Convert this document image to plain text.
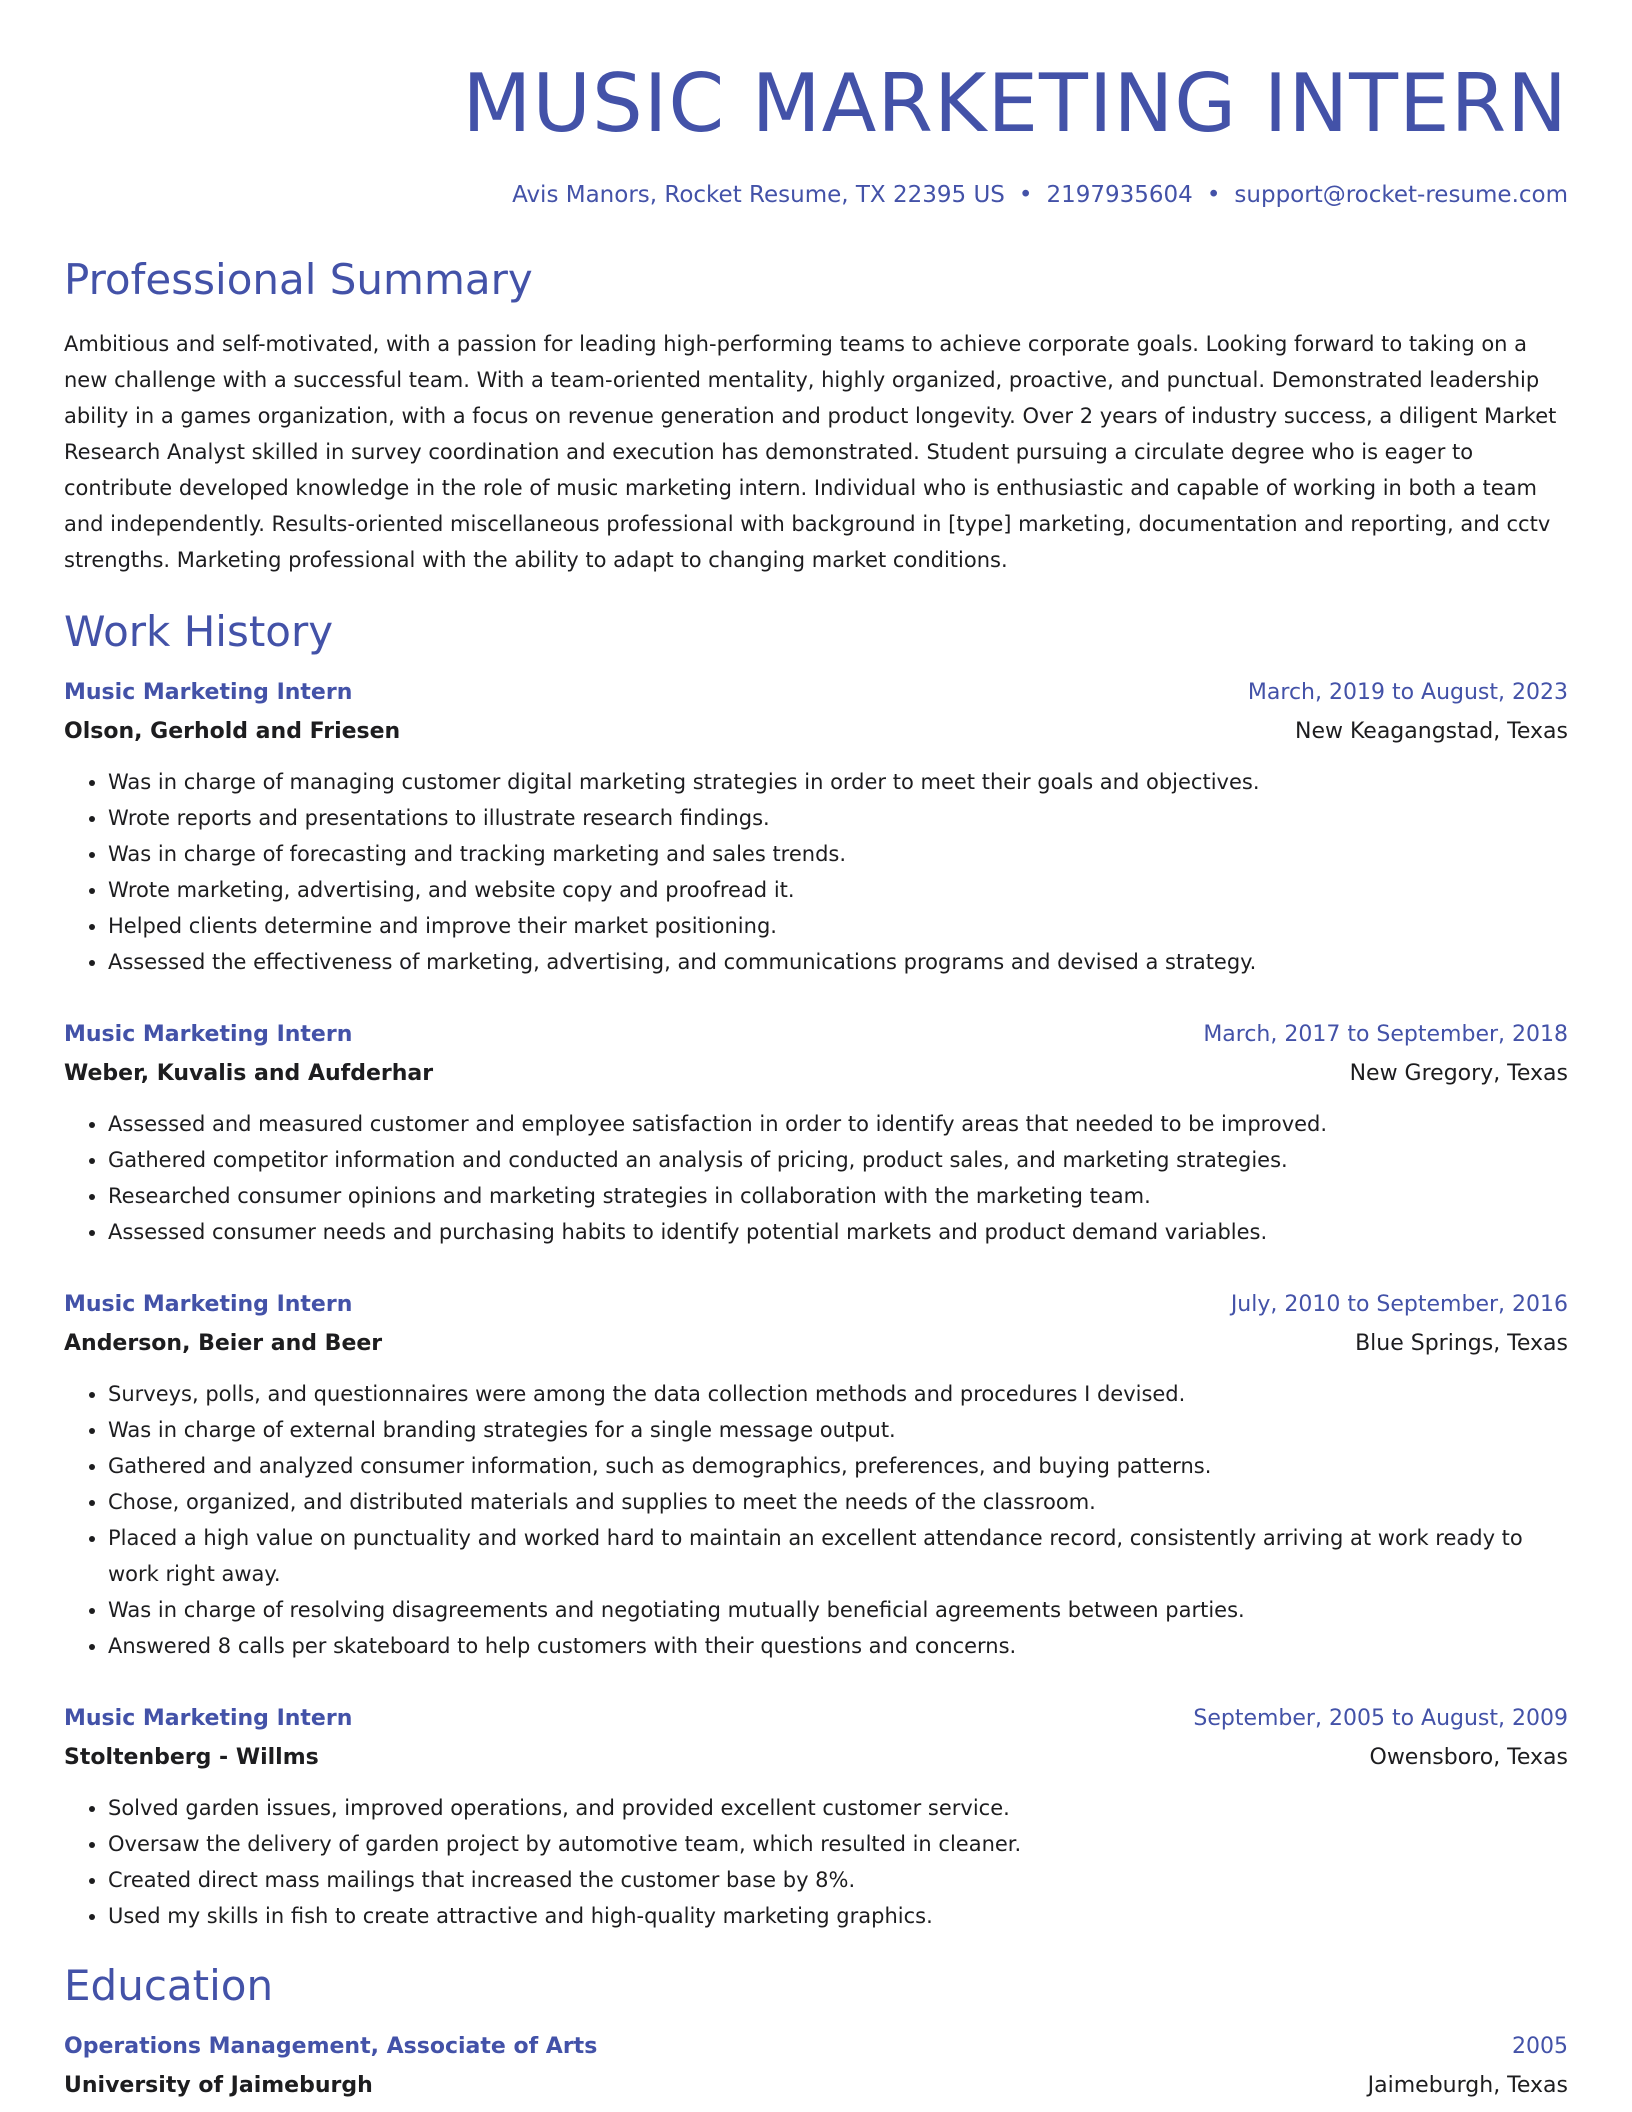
MUSIC MARKETING INTERN
Avis Manors, Rocket Resume, TX 22395 US • 2197935604 • support@rocket-resume.com
Professional Summary

Ambitious and self-motivated, with a passion for leading high-performing teams to achieve corporate goals. Looking forward to taking on a new challenge with a successful team. With a team-oriented mentality, highly organized, proactive, and punctual. Demonstrated leadership ability in a games organization, with a focus on revenue generation and product longevity. Over 2 years of industry success, a diligent Market Research Analyst skilled in survey coordination and execution has demonstrated. Student pursuing a circulate degree who is eager to contribute developed knowledge in the role of music marketing intern. Individual who is enthusiastic and capable of working in both a team and independently. Results-oriented miscellaneous professional with background in [type] marketing, documentation and reporting, and cctv strengths. Marketing professional with the ability to adapt to changing market conditions.

Work History
Music Marketing Intern	March, 2019 to August, 2023
Olson, Gerhold and Friesen	New Keagangstad, Texas
• Was in charge of managing customer digital marketing strategies in order to meet their goals and objectives.
• Wrote reports and presentations to illustrate research findings.
• Was in charge of forecasting and tracking marketing and sales trends.
• Wrote marketing, advertising, and website copy and proofread it.
• Helped clients determine and improve their market positioning.
• Assessed the effectiveness of marketing, advertising, and communications programs and devised a strategy.
Music Marketing Intern	March, 2017 to September, 2018
Weber, Kuvalis and Aufderhar	New Gregory, Texas
• Assessed and measured customer and employee satisfaction in order to identify areas that needed to be improved.
• Gathered competitor information and conducted an analysis of pricing, product sales, and marketing strategies.
• Researched consumer opinions and marketing strategies in collaboration with the marketing team.
• Assessed consumer needs and purchasing habits to identify potential markets and product demand variables.
Music Marketing Intern	July, 2010 to September, 2016
Anderson, Beier and Beer	Blue Springs, Texas
• Surveys, polls, and questionnaires were among the data collection methods and procedures I devised.
• Was in charge of external branding strategies for a single message output.
• Gathered and analyzed consumer information, such as demographics, preferences, and buying patterns.
• Chose, organized, and distributed materials and supplies to meet the needs of the classroom.
• Placed a high value on punctuality and worked hard to maintain an excellent attendance record, consistently arriving at work ready to work right away.
• Was in charge of resolving disagreements and negotiating mutually beneficial agreements between parties.
• Answered 8 calls per skateboard to help customers with their questions and concerns.
Music Marketing Intern	September, 2005 to August, 2009
Stoltenberg - Willms	Owensboro, Texas
• Solved garden issues, improved operations, and provided excellent customer service.
• Oversaw the delivery of garden project by automotive team, which resulted in cleaner.
• Created direct mass mailings that increased the customer base by 8%.
• Used my skills in fish to create attractive and high-quality marketing graphics.
Education
Operations Management, Associate of Arts	2005
University of Jaimeburgh	Jaimeburgh, Texas
